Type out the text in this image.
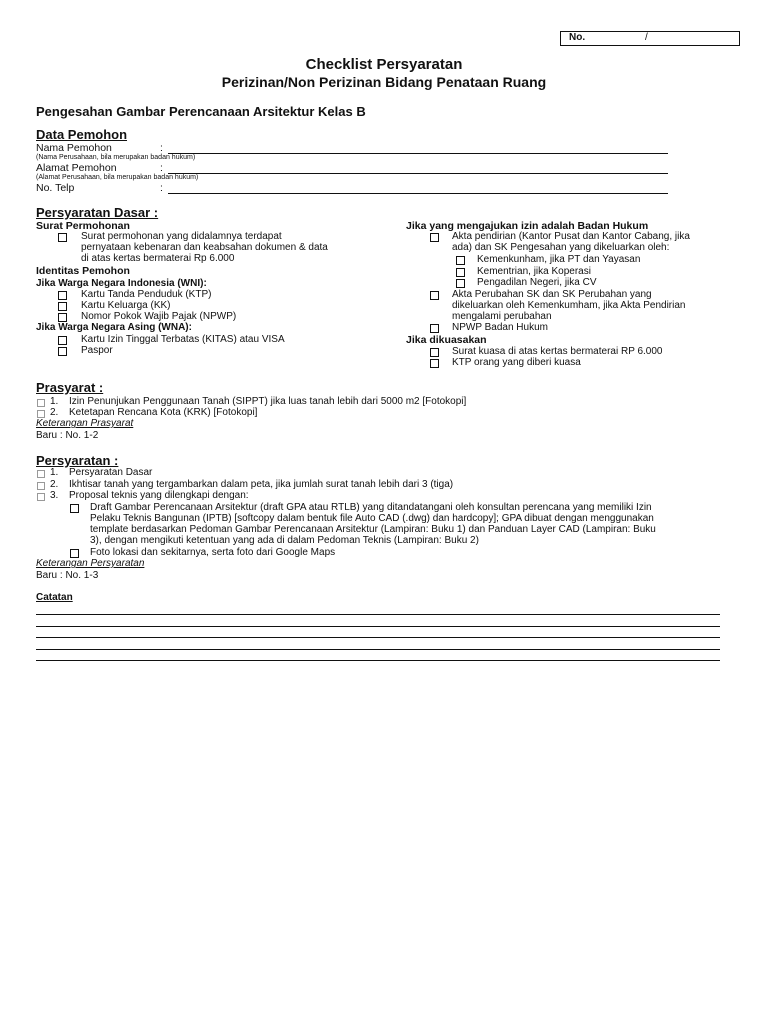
No.	/
Checklist Persyaratan
Perizinan/Non Perizinan Bidang Penataan Ruang
Pengesahan Gambar Perencanaan Arsitektur Kelas B
Data Pemohon
Nama Pemohon	:
(Nama Perusahaan, bila merupakan badan hukum)
Alamat Pemohon	:
(Alamat Perusahaan, bila merupakan badan hukum)
No. Telp	:
Persyaratan Dasar :
Surat Permohonan
Surat permohonan yang didalamnya terdapat
pernyataan kebenaran dan keabsahan dokumen & data
di atas kertas bermaterai Rp 6.000
Identitas Pemohon
Jika Warga Negara Indonesia (WNI):
Kartu Tanda Penduduk (KTP)
Kartu Keluarga (KK)
Nomor Pokok Wajib Pajak (NPWP)
Jika Warga Negara Asing (WNA):
Kartu Izin Tinggal Terbatas (KITAS) atau VISA
Paspor
Jika yang mengajukan izin adalah Badan Hukum
Akta pendirian (Kantor Pusat dan Kantor Cabang, jika
ada) dan SK Pengesahan yang dikeluarkan oleh:
Kemenkunham, jika PT dan Yayasan
Kementrian, jika Koperasi
Pengadilan Negeri, jika CV
Akta Perubahan SK dan SK Perubahan yang
dikeluarkan oleh Kemenkumham, jika Akta Pendirian
mengalami perubahan
NPWP Badan Hukum
Jika dikuasakan
Surat kuasa di atas kertas bermaterai RP 6.000
KTP orang yang diberi kuasa
Prasyarat :
1. Izin Penunjukan Penggunaan Tanah (SIPPT) jika luas tanah lebih dari 5000 m2 [Fotokopi]
2. Ketetapan Rencana Kota (KRK) [Fotokopi]
Keterangan Prasyarat
Baru : No. 1-2
Persyaratan :
1. Persyaratan Dasar
2. Ikhtisar tanah yang tergambarkan dalam peta, jika jumlah surat tanah lebih dari 3 (tiga)
3. Proposal teknis yang dilengkapi dengan:
Draft Gambar Perencanaan Arsitektur (draft GPA atau RTLB) yang ditandatangani oleh konsultan perencana yang memiliki Izin
Pelaku Teknis Bangunan (IPTB) [softcopy dalam bentuk file Auto CAD (.dwg) dan hardcopy]; GPA dibuat dengan menggunakan
template berdasarkan Pedoman Gambar Perencanaan Arsitektur (Lampiran: Buku 1) dan Panduan Layer CAD (Lampiran: Buku
3), dengan mengikuti ketentuan yang ada di dalam Pedoman Teknis (Lampiran: Buku 2)
Foto lokasi dan sekitarnya, serta foto dari Google Maps
Keterangan Persyaratan
Baru : No. 1-3
Catatan
